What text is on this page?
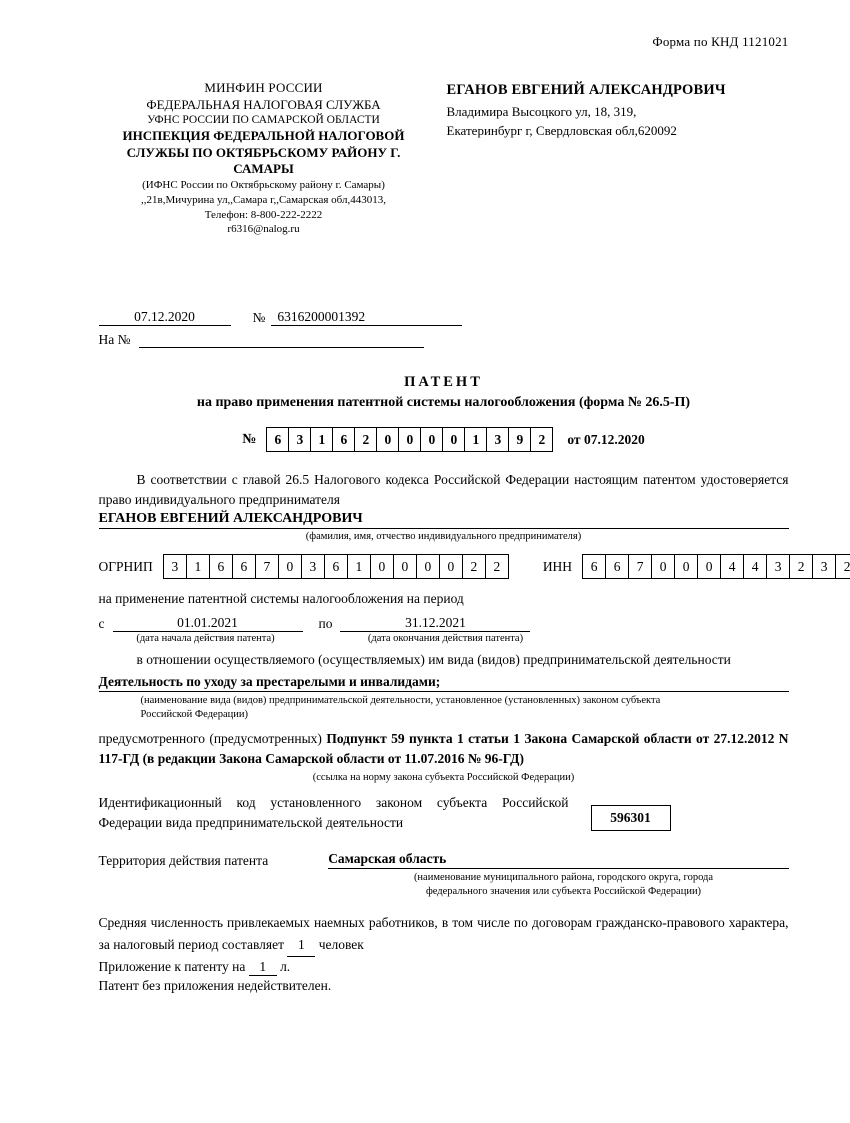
Форма по КНД 1121021
МИНФИН РОССИИ
ФЕДЕРАЛЬНАЯ НАЛОГОВАЯ СЛУЖБА
УФНС РОССИИ ПО САМАРСКОЙ ОБЛАСТИ
ИНСПЕКЦИЯ ФЕДЕРАЛЬНОЙ НАЛОГОВОЙ
СЛУЖБЫ ПО ОКТЯБРЬСКОМУ РАЙОНУ Г. САМАРЫ
(ИФНС России по Октябрьскому району г. Самары)
,,21в,Мичурина ул,,Самара г,,Самарская обл,443013,
Телефон: 8-800-222-2222
r6316@nalog.ru
ЕГАНОВ ЕВГЕНИЙ АЛЕКСАНДРОВИЧ
Владимира Высоцкого ул, 18, 319,
Екатеринбург г, Свердловская обл,620092
07.12.2020	№ 6316200001392
На №
ПАТЕНТ
на право применения патентной системы налогообложения (форма № 26.5-П)
№	6	3	1	6	2	0	0	0	0	1	3	9	2	от 07.12.2020

В соответствии с главой 26.5 Налогового кодекса Российской Федерации настоящим патентом удостоверяется право индивидуального предпринимателя

ЕГАНОВ ЕВГЕНИЙ АЛЕКСАНДРОВИЧ
(фамилия, имя, отчество индивидуального предпринимателя)
ОГРНИП	3	1	6	6	7	0	3	6	1	0	0	0	0	2	2	ИНН	6	6	7	0	0	0	4	4	3	2	3	2
на применение патентной системы налогообложения на период
с	01.01.2021	по	31.12.2021
(дата начала действия патента)	(дата окончания действия патента)

в отношении осуществляемого (осуществляемых) им вида (видов) предпринимательской деятельности

Деятельность по уходу за престарелыми и инвалидами;
(наименование вида (видов) предпринимательской деятельности, установленное (установленных) законом субъекта
Российской Федерации)
предусмотренного (предусмотренных) Подпункт 59 пункта 1 статьи 1 Закона Самарской области от 27.12.2012 N 117-ГД (в редакции Закона Самарской области от 11.07.2016 № 96-ГД)
(ссылка на норму закона субъекта Российской Федерации)
Идентификационный код установленного законом субъекта Российской Федерации вида предпринимательской деятельности	596301
Территория действия патента	Самарская область
(наименование муниципального района, городского округа, города
федерального значения или субъекта Российской Федерации)
Средняя численность привлекаемых наемных работников, в том числе по договорам гражданско-правового характера, за налоговый период составляет 1 человек
Приложение к патенту на 1 л.
Патент без приложения недействителен.
